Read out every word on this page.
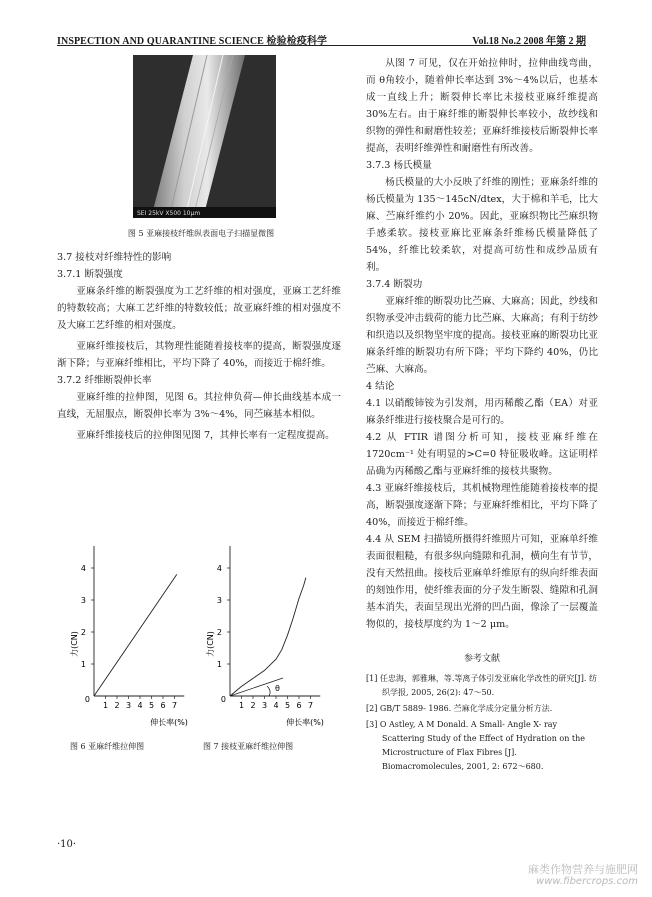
INSPECTION AND QUARANTINE SCIENCE 检验检疫科学	Vol.18 No.2 2008 年第 2 期
SEI 25kV X500 10μm
图 5 亚麻接枝纤维纵表面电子扫描显微图

3.7 接枝对纤维特性的影响

3.7.1 断裂强度

亚麻条纤维的断裂强度为工艺纤维的相对强度，亚麻工艺纤维的特数较高；大麻工艺纤维的特数较低；故亚麻纤维的相对强度不及大麻工艺纤维的相对强度。

亚麻纤维接枝后，其物理性能随着接枝率的提高，断裂强度逐渐下降；与亚麻纤维相比，平均下降了 40%，而接近于棉纤维。

3.7.2 纤维断裂伸长率

亚麻纤维的拉伸图，见图 6。其拉伸负荷—伸长曲线基本成一直线，无屈服点，断裂伸长率为 3%～4%，同苎麻基本相似。

亚麻纤维接枝后的拉伸图见图 7，其伸长率有一定程度提高。

1 2 3 4 5 6 7
1
2
3
4
0
伸长率(%)
力(CN)
图 6 亚麻纤维拉伸图
1 2 3 4 5 6 7
1
2
3
4
0
伸长率(%)
力(CN)
θ
图 7 接枝亚麻纤维拉伸图

从图 7 可见，仅在开始拉伸时，拉伸曲线弯曲，而 θ角较小，随着伸长率达到 3%～4%以后，也基本成一直线上升；断裂伸长率比未接枝亚麻纤维提高 30%左右。由于麻纤维的断裂伸长率较小，故纱线和织物的弹性和耐磨性较差；亚麻纤维接枝后断裂伸长率提高，表明纤维弹性和耐磨性有所改善。

3.7.3 杨氏模量

杨氏模量的大小反映了纤维的刚性；亚麻条纤维的杨氏模量为 135～145cN/dtex，大于棉和羊毛，比大麻、苎麻纤维约小 20%。因此，亚麻织物比苎麻织物手感柔软。接枝亚麻比亚麻条纤维杨氏模量降低了 54%，纤维比较柔软，对提高可纺性和成纱品质有利。

3.7.4 断裂功

亚麻纤维的断裂功比苎麻、大麻高；因此，纱线和织物承受冲击载荷的能力比苎麻、大麻高；有利于纺纱和织造以及织物坚牢度的提高。接枝亚麻的断裂功比亚麻条纤维的断裂功有所下降；平均下降约 40%，仍比苎麻、大麻高。

4 结论

4.1 以硝酸铈铵为引发剂，用丙稀酸乙酯（EA）对亚麻条纤维进行接枝聚合是可行的。

4.2 从 FTIR 谱图分析可知，接枝亚麻纤维在 1720cm⁻¹ 处有明显的>C=0 特征吸收峰。这证明样品确为丙稀酸乙酯与亚麻纤维的接枝共聚物。

4.3 亚麻纤维接枝后，其机械物理性能随着接枝率的提高，断裂强度逐渐下降；与亚麻纤维相比，平均下降了 40%，而接近于棉纤维。

4.4 从 SEM 扫描镜所摄得纤维照片可知，亚麻单纤维表面很粗糙，有很多纵向缝隙和孔洞，横向生有节节，没有天然扭曲。接枝后亚麻单纤维原有的纵向纤维表面的刻蚀作用，使纤维表面的分子发生断裂、缝隙和孔洞基本消失，表面呈现出光滑的凹凸面，像涂了一层覆盖物似的，接枝厚度约为 1～2 μm。

参考文献

[1] 任忠海，郭雅琳，等.等离子体引发亚麻化学改性的研究[J]. 纺织学报, 2005, 26(2): 47～50.

[2] GB/T 5889- 1986. 苎麻化学成分定量分析方法.

[3] O Astley, A M Donald. A Small- Angle X- ray Scattering Study of the Effect of Hydration on the Microstructure of Flax Fibres [J]. Biomacromolecules, 2001, 2: 672～680.

·10·
麻类作物营养与施肥网
www.fibercrops.com
